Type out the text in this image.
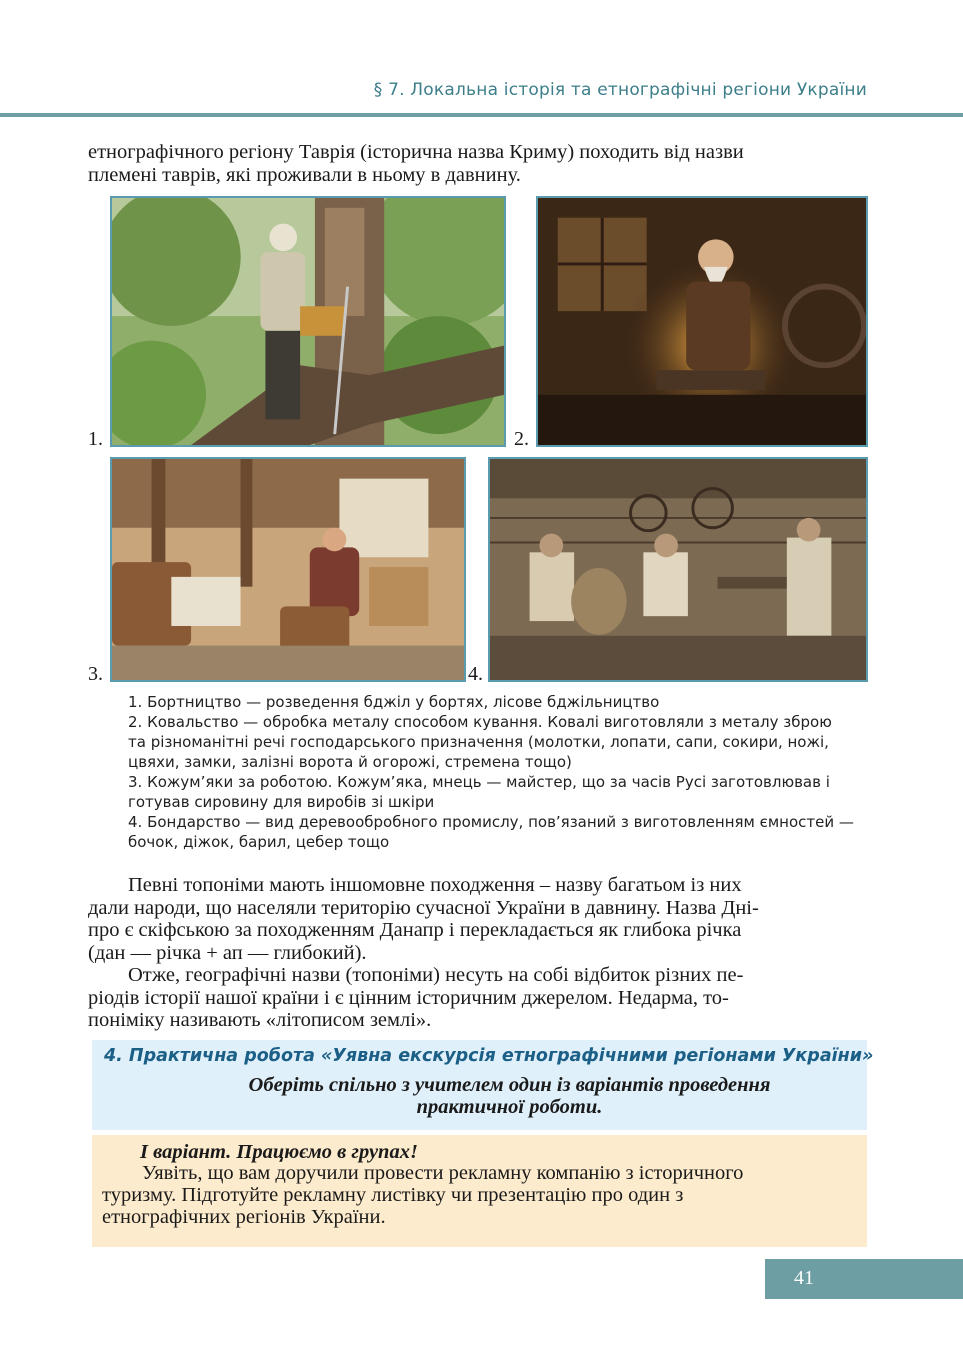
§ 7. Локальна історія та етнографічні регіони України
етнографічного регіону Таврія (історична назва Криму) походить від назви
племені таврів, які проживали в ньому в давнину.
1.	2.
3.	4.
1. Бортництво — розведення бджіл у бортях, лісове бджільництво
2. Ковальство — обробка металу способом кування. Ковалі виготовляли з металу зброю
та різноманітні речі господарського призначення (молотки, лопати, сапи, сокири, ножі,
цвяхи, замки, залізні ворота й огорожі, стремена тощо)
3. Кожум’яки за роботою. Кожум’яка, мнець — майстер, що за часів Русі заготовлював і
готував сировину для виробів зі шкіри
4. Бондарство — вид деревообробного промислу, пов’язаний з виготовленням ємностей —
бочок, діжок, барил, цебер тощо
Певні топоніми мають іншомовне походження – назву багатьом із них
дали народи, що населяли територію сучасної України в давнину. Назва Дні-
про є скіфською за походженням Данапр і перекладається як глибока річка
(дан — річка + ап — глибокий).
Отже, географічні назви (топоніми) несуть на собі відбиток різних пе-
ріодів історії нашої країни і є цінним історичним джерелом. Недарма, то-
поніміку називають «літописом землі».
4. Практична робота «Уявна екскурсія етнографічними регіонами України»
Оберіть спільно з учителем один із варіантів проведення
практичної роботи.
І варіант. Працюємо в групах!
Уявіть, що вам доручили провести рекламну компанію з історичного
туризму. Підготуйте рекламну листівку чи презентацію про один з
етнографічних регіонів України.
41
